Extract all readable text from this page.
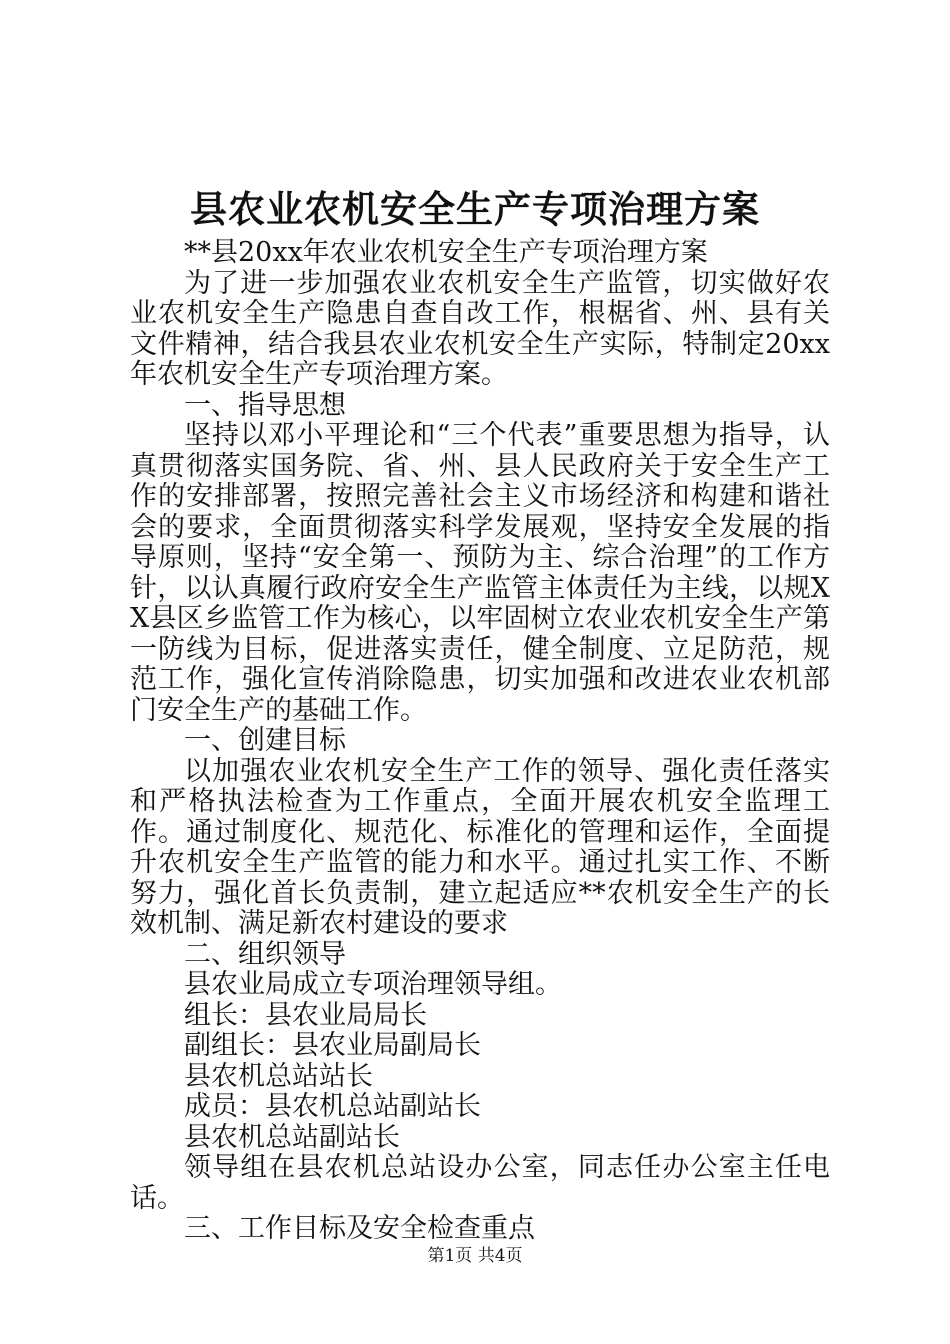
县农业农机安全生产专项治理方案

**县20xx年农业农机安全生产专项治理方案

为了进一步加强农业农机安全生产监管，切实做好农业农机安全生产隐患自查自改工作，根椐省、州、县有关文件精神，结合我县农业农机安全生产实际，特制定20xx年农机安全生产专项治理方案。

一、指导思想

坚持以邓小平理论和“三个代表”重要思想为指导，认真贯彻落实国务院、省、州、县人民政府关于安全生产工作的安排部署，按照完善社会主义市场经济和构建和谐社会的要求，全面贯彻落实科学发展观，坚持安全发展的指导原则，坚持“安全第一、预防为主、综合治理”的工作方针，以认真履行政府安全生产监管主体责任为主线，以规XX县区乡监管工作为核心，以牢固树立农业农机安全生产第一防线为目标，促进落实责任，健全制度、立足防范，规范工作，强化宣传消除隐患，切实加强和改进农业农机部门安全生产的基础工作。

一、创建目标

以加强农业农机安全生产工作的领导、强化责任落实和严格执法检查为工作重点，全面开展农机安全监理工作。通过制度化、规范化、标准化的管理和运作，全面提升农机安全生产监管的能力和水平。通过扎实工作、不断努力，强化首长负责制，建立起适应**农机安全生产的长效机制、满足新农村建设的要求

二、组织领导

县农业局成立专项治理领导组。

组长：县农业局局长

副组长：县农业局副局长

县农机总站站长

成员：县农机总站副站长

县农机总站副站长

领导组在县农机总站设办公室，同志任办公室主任电话。

三、工作目标及安全检查重点

第1页 共4页
